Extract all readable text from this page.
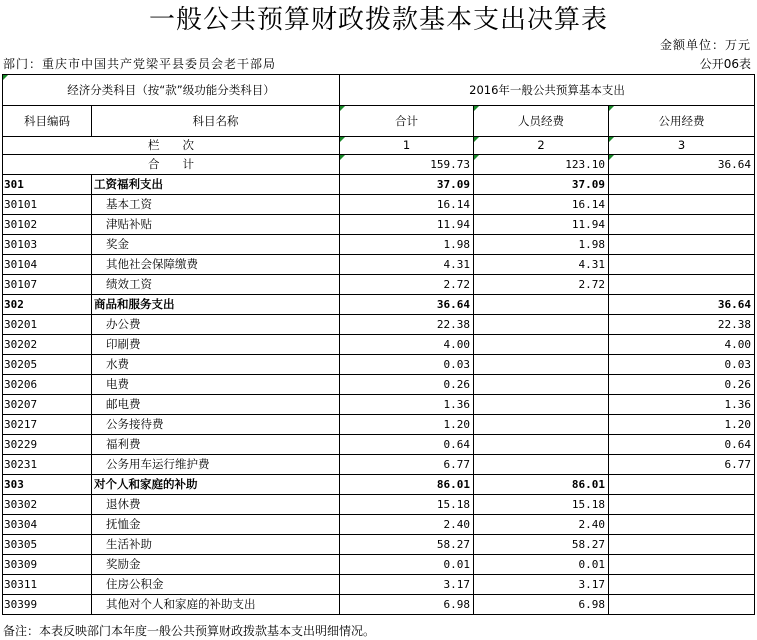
一般公共预算财政拨款基本支出决算表
金额单位：万元
部门：重庆市中国共产党梁平县委员会老干部局	公开06表
经济分类科目（按“款”级功能分类科目）		2016年一般公共预算基本支出		
科目编码	科目名称	合计	人员经费	公用经费
栏　　次		1	2	3
合　　计		159.73	123.10	36.64
301	工资福利支出	37.09	37.09	
30101	基本工资	16.14	16.14	
30102	津贴补贴	11.94	11.94	
30103	奖金	1.98	1.98	
30104	其他社会保障缴费	4.31	4.31	
30107	绩效工资	2.72	2.72	
302	商品和服务支出	36.64		36.64
30201	办公费	22.38		22.38
30202	印刷费	4.00		4.00
30205	水费	0.03		0.03
30206	电费	0.26		0.26
30207	邮电费	1.36		1.36
30217	公务接待费	1.20		1.20
30229	福利费	0.64		0.64
30231	公务用车运行维护费	6.77		6.77
303	对个人和家庭的补助	86.01	86.01	
30302	退休费	15.18	15.18	
30304	抚恤金	2.40	2.40	
30305	生活补助	58.27	58.27	
30309	奖励金	0.01	0.01	
30311	住房公积金	3.17	3.17	
30399	其他对个人和家庭的补助支出	6.98	6.98	
备注：本表反映部门本年度一般公共预算财政拨款基本支出明细情况。
